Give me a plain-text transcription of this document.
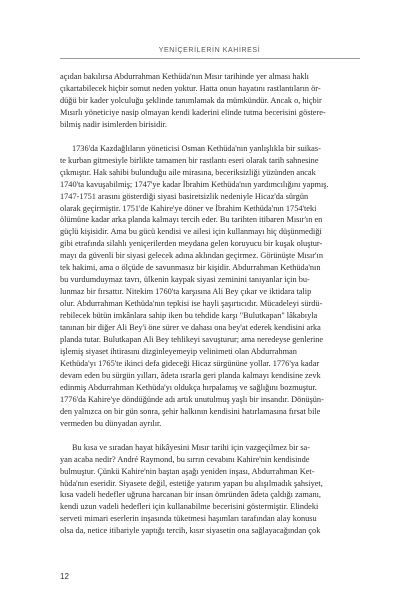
YENİÇERİLERİN KAHİRESİ

açıdan bakılırsa Abdurrahman Kethüda'nın Mısır tarihinde yer alması haklı
çıkartabilecek hiçbir somut neden yoktur. Hatta onun hayatını rastlantıların ör-
düğü bir kader yolculuğu şeklinde tanımlamak da mümkündür. Ancak o, hiçbir
Mısırlı yöneticiye nasip olmayan kendi kaderini elinde tutma becerisini göstere-
bilmiş nadir isimlerden birisidir.

1736'da Kazdağlıların yöneticisi Osman Kethüda'nın yanlışlıkla bir suikas-
te kurban gitmesiyle birlikte tamamen bir rastlantı eseri olarak tarih sahnesine
çıkmıştır. Hak sahibi bulunduğu aile mirasına, beceriksizliği yüzünden ancak
1740'ta kavuşabilmiş; 1747'ye kadar İbrahim Kethüda'nın yardımcılığını yapmış.
1747-1751 arasını gösterdiği siyasi basiretsizlik nedeniyle Hicaz'da sürgün
olarak geçirmiştir. 1751'de Kahire'ye döner ve İbrahim Kethüda'nın 1754'teki
ölümüne kadar arka planda kalmayı tercih eder. Bu tarihten itibaren Mısır'ın en
güçlü kişisidir. Ama bu gücü kendisi ve ailesi için kullanmayı hiç düşünmediği
gibi etrafında silahlı yeniçerilerden meydana gelen koruyucu bir kuşak oluştur-
mayı da güvenli bir siyasi gelecek adına aklından geçirmez. Görünüşte Mısır'ın
tek hakimi, ama o ölçüde de savunmasız bir kişidir. Abdurrahman Kethüda'nın
bu vurdumduymaz tavrı, ülkenin kaypak siyasi zeminini tanıyanlar için bu-
lunmaz bir fırsattır. Nitekim 1760'ta karşısına Ali Bey çıkar ve iktidara talip
olur. Abdurrahman Kethüda'nın tepkisi ise hayli şaşırtıcıdır. Mücadeleyi sürdü-
rebilecek bütün imkânlara sahip iken bu tehdide karşı "Bulutkapan" lâkabıyla
tanınan bir diğer Ali Bey'i öne sürer ve dahası ona bey'at ederek kendisini arka
planda tutar. Bulutkapan Ali Bey tehlikeyi savuşturur; ama neredeyse genlerine
işlemiş siyaset ihtirasını dizginleyemeyip velinimeti olan Abdurrahman
Kethüda'yı 1765'te ikinci defa gideceği Hicaz sürgününe yollar. 1776'ya kadar
devam eden bu sürgün yılları, âdeta ısrarla geri planda kalmayı kendisine zevk
edinmiş Abdurrahman Kethüda'yı oldukça hırpalamış ve sağlığını bozmuştur.
1776'da Kahire'ye döndüğünde adı artık unutulmuş yaşlı bir insandır. Dönüşün-
den yalnızca on bir gün sonra, şehir halkının kendisini hatırlamasına fırsat bile
vermeden bu dünyadan ayrılır.

Bu kısa ve sıradan hayat hikâyesini Mısır tarihi için vazgeçilmez bir sa-
yan acaba nedir? André Raymond, bu sırrın cevabını Kahire'nin kendisinde
bulmuştur. Çünkü Kahire'nin baştan aşağı yeniden inşası, Abdurrahman Ket-
hüda'nın eseridir. Siyasete değil, estetiğe yatırım yapan bu alışılmadık şahsiyet,
kısa vadeli hedefler uğruna harcanan bir insan ömründen âdeta çaldığı zamanı,
kendi uzun vadeli hedefleri için kullanabilme becerisini göstermiştir. Elindeki
serveti mimari eserlerin inşasında tüketmesi haşımları tarafından alay konusu
olsa da, netice itibariyle yaptığı tercih, kısır siyasetin ona sağlayacağından çok

12
